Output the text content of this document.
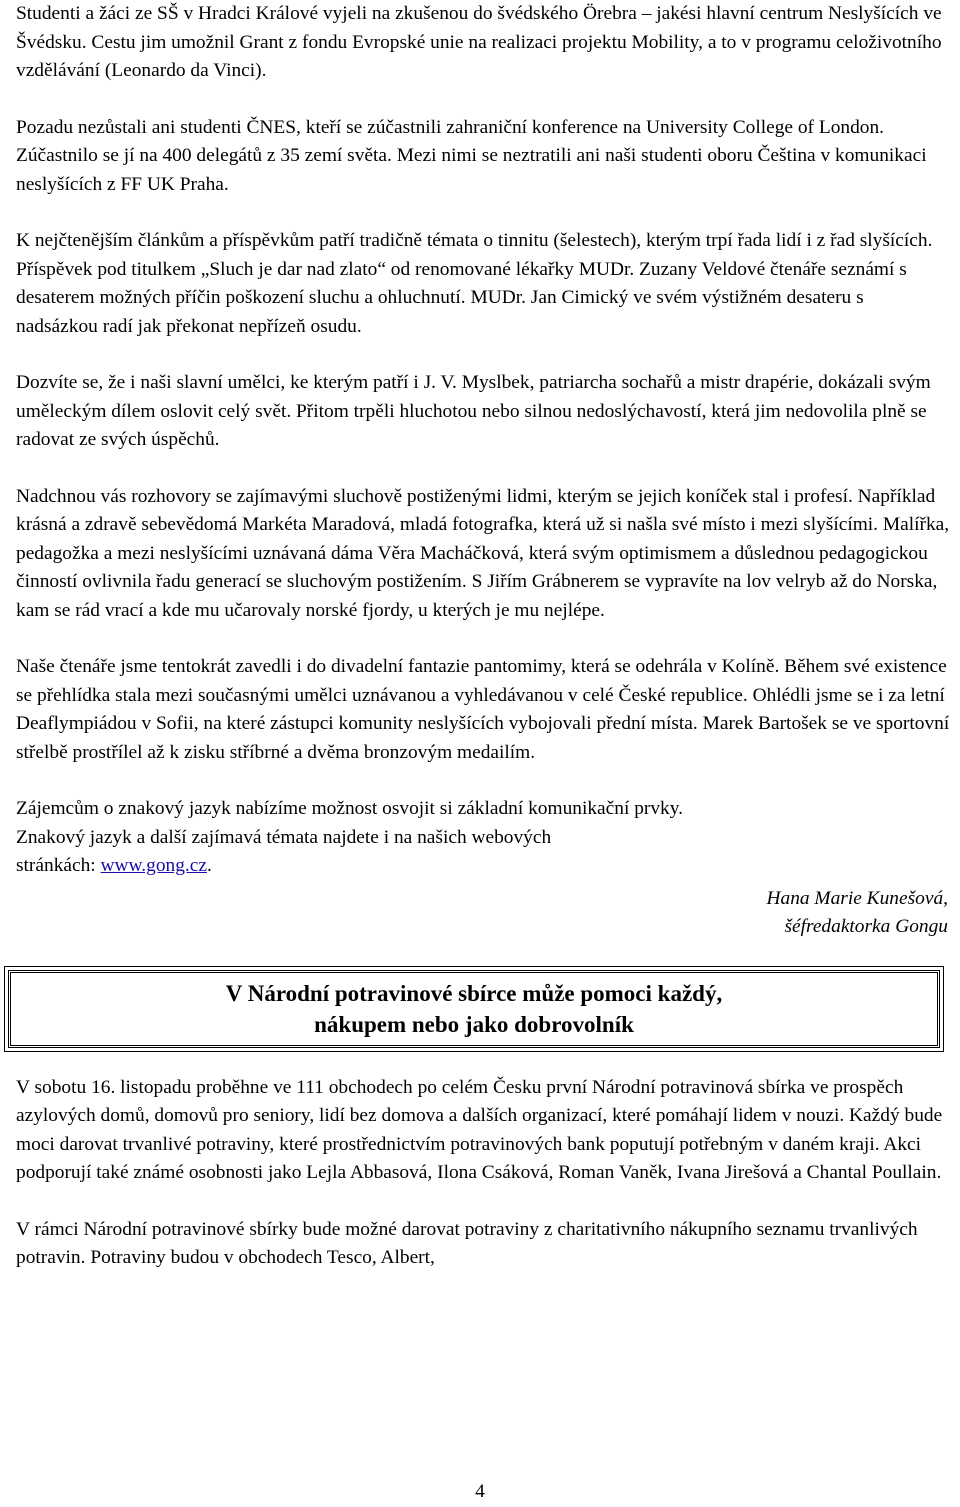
Studenti a žáci ze SŠ v Hradci Králové vyjeli na zkušenou do švédského Örebra – jakési hlavní centrum Neslyšících ve Švédsku. Cestu jim umožnil Grant z fondu Evropské unie na realizaci projektu Mobility, a to v programu celoživotního vzdělávání (Leonardo da Vinci).

Pozadu nezůstali ani studenti ČNES, kteří se zúčastnili zahraniční konference na University College of London. Zúčastnilo se jí na 400 delegátů z 35 zemí světa. Mezi nimi se neztratili ani naši studenti oboru Čeština v komunikaci neslyšících z FF UK Praha.

K nejčtenějším článkům a příspěvkům patří tradičně témata o tinnitu (šelestech), kterým trpí řada lidí i z řad slyšících. Příspěvek pod titulkem „Sluch je dar nad zlato“ od renomované lékařky MUDr. Zuzany Veldové čtenáře seznámí s desaterem možných příčin poškození sluchu a ohluchnutí. MUDr. Jan Cimický ve svém výstižném desateru s nadsázkou radí jak překonat nepřízeň osudu.

Dozvíte se, že i naši slavní umělci, ke kterým patří i J. V. Myslbek, patriarcha sochařů a mistr drapérie, dokázali svým uměleckým dílem oslovit celý svět. Přitom trpěli hluchotou nebo silnou nedoslýchavostí, která jim nedovolila plně se radovat ze svých úspěchů.

Nadchnou vás rozhovory se zajímavými sluchově postiženými lidmi, kterým se jejich koníček stal i profesí. Například krásná a zdravě sebevědomá Markéta Maradová, mladá fotografka, která už si našla své místo i mezi slyšícími. Malířka, pedagožka a mezi neslyšícími uznávaná dáma Věra Macháčková, která svým optimismem a důslednou pedagogickou činností ovlivnila řadu generací se sluchovým postižením. S Jiřím Grábnerem se vypravíte na lov velryb až do Norska, kam se rád vrací a kde mu učarovaly norské fjordy, u kterých je mu nejlépe.

Naše čtenáře jsme tentokrát zavedli i do divadelní fantazie pantomimy, která se odehrála v Kolíně. Během své existence se přehlídka stala mezi současnými umělci uznávanou a vyhledávanou v celé České republice. Ohlédli jsme se i za letní Deaflympiádou v Sofii, na které zástupci komunity neslyšících vybojovali přední místa. Marek Bartošek se ve sportovní střelbě prostřílel až k zisku stříbrné a dvěma bronzovým medailím.

Zájemcům o znakový jazyk nabízíme možnost osvojit si základní komunikační prvky.
Znakový jazyk a další zajímavá témata najdete i na našich webových
stránkách: www.gong.cz.

Hana Marie Kunešová,
šéfredaktorka Gongu
V Národní potravinové sbírce může pomoci každý,
nákupem nebo jako dobrovolník

V sobotu 16. listopadu proběhne ve 111 obchodech po celém Česku první Národní potravinová sbírka ve prospěch azylových domů, domovů pro seniory, lidí bez domova a dalších organizací, které pomáhají lidem v nouzi. Každý bude moci darovat trvanlivé potraviny, které prostřednictvím potravinových bank poputují potřebným v daném kraji. Akci podporují také známé osobnosti jako Lejla Abbasová, Ilona Csáková, Roman Vaněk, Ivana Jirešová a Chantal Poullain.

V rámci Národní potravinové sbírky bude možné darovat potraviny z charitativního nákupního seznamu trvanlivých potravin. Potraviny budou v obchodech Tesco, Albert,

4
